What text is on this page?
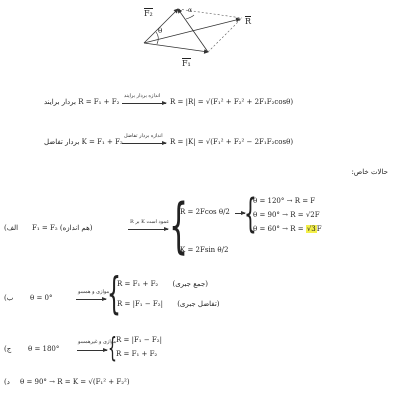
F₂
F₁
R
θ
α
بردار برایند R = F₁ + F₂
اندازه بردار برایند
R = |R| = √(F₁² + F₂² + 2F₁F₂cosθ)
بردار تفاضل K = F₁ + F₂
اندازه بردار تفاضل
R = |K| = √(F₁² + F₂² − 2F₁F₂cosθ)
حالات خاص:
F₁ = F₂ (هم اندازه)
الف)
R بر K عمود است {
R = 2Fcos θ/2
K = 2Fsin θ/2
{
θ = 120° → R = F
θ = 90° → R = √2F
θ = 60° → R = √3F
θ = 0°
ب)
موازی و همسو
{
R = F₁ + F₂ (جمع جبری)
R = |F₁ − F₂| (تفاضل جبری)
θ = 180°
ج)
موازی و غیرهمسو
{ R = |F₁ − F₂|
R = F₁ + F₂
د) θ = 90° → R = K = √(F₁² + F₂²)
